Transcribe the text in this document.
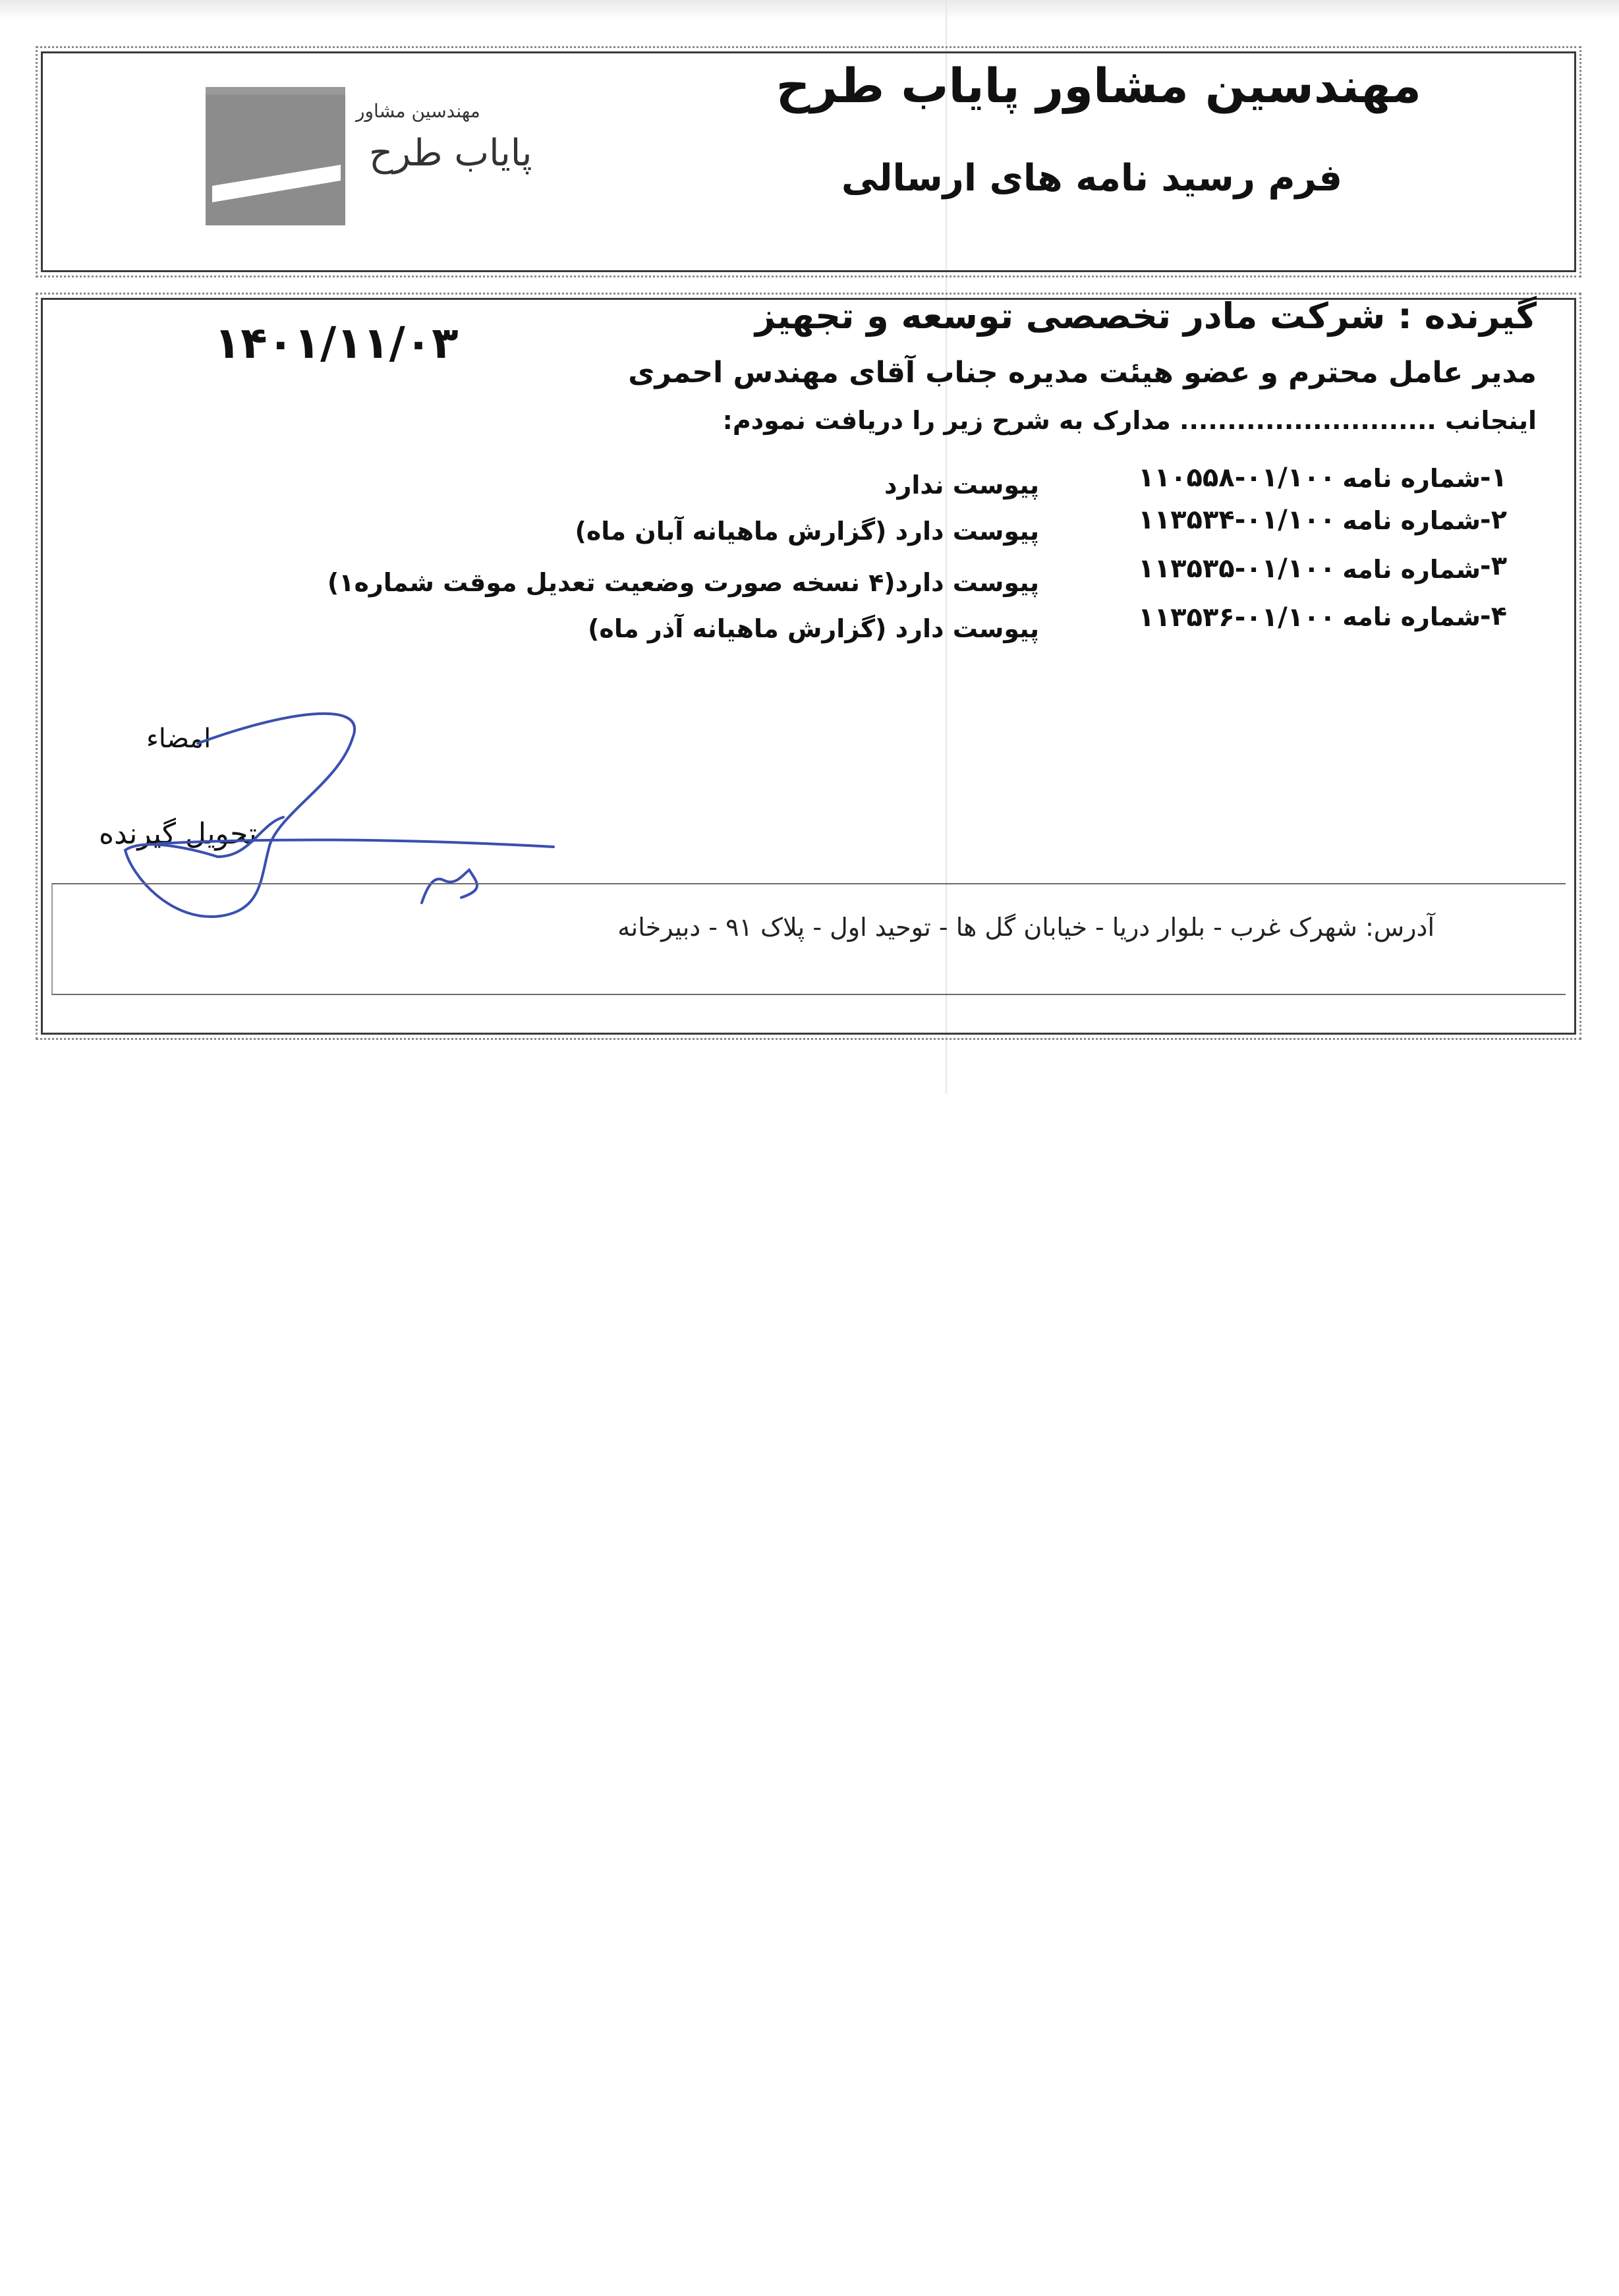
مهندسین مشاور پایاب طرح
فرم رسید نامه های ارسالی
مهندسین مشاور
پایاب طرح
گیرنده : شرکت مادر تخصصی توسعه و تجهیز
۱۴۰۱/۱۱/۰۳
مدیر عامل محترم و عضو هیئت مدیره جناب آقای مهندس احمری
اینجانب ........................... مدارک به شرح زیر را دریافت نمودم:
-۱
شماره نامه
۱۱۰۵۵۸-۰۱/۱۰۰
پیوست ندارد
-۲
شماره نامه
۱۱۳۵۳۴-۰۱/۱۰۰
پیوست دارد (گزارش ماهیانه آبان ماه)
-۳
شماره نامه
۱۱۳۵۳۵-۰۱/۱۰۰
پیوست دارد(۴ نسخه صورت وضعیت تعدیل موقت شماره۱)
-۴
شماره نامه
۱۱۳۵۳۶-۰۱/۱۰۰
پیوست دارد (گزارش ماهیانه آذر ماه)
امضاء
تحویل گیرنده
آدرس: شهرک غرب - بلوار دریا - خیابان گل ها - توحید اول - پلاک ۹۱ - دبیرخانه
